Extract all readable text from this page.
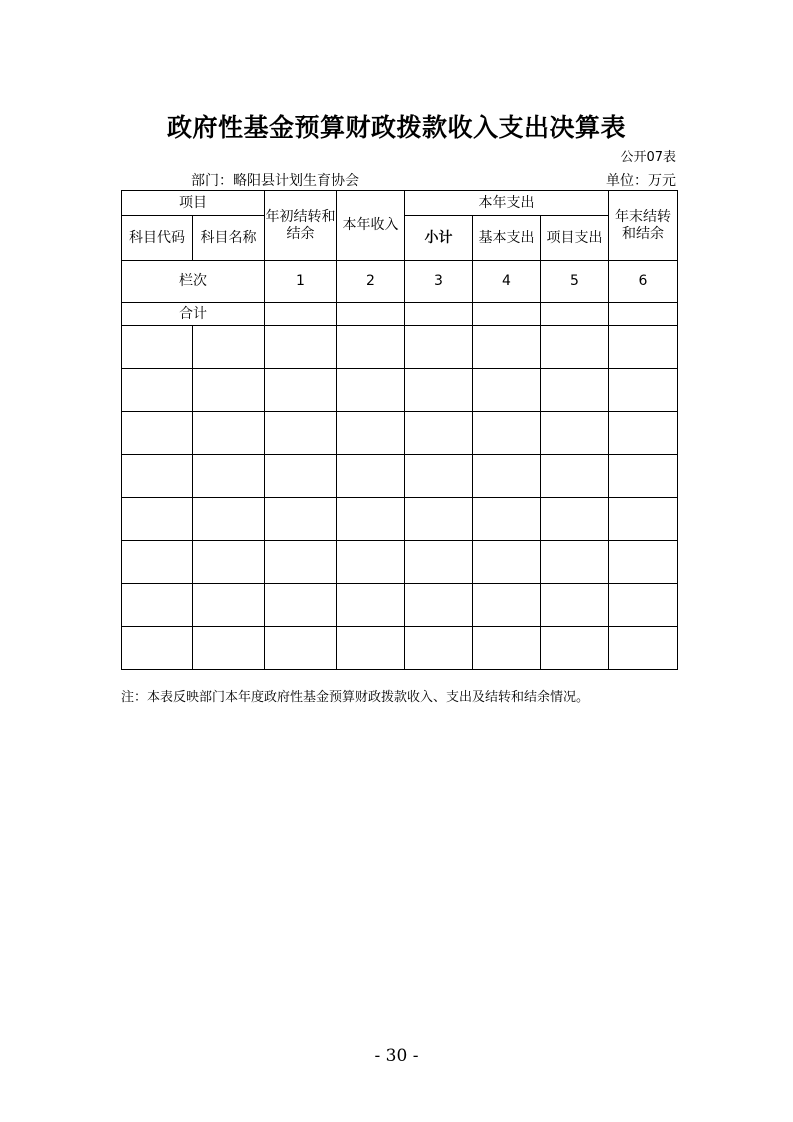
政府性基金预算财政拨款收入支出决算表
公开07表
部门：略阳县计划生育协会	单位：万元
项目		年初结转和结余	本年收入	本年支出			年末结转和结余
科目代码	科目名称			小计	基本支出	项目支出	
栏次		1	2	3	4	5	6
合计							

注：本表反映部门本年度政府性基金预算财政拨款收入、支出及结转和结余情况。
- 30 -
